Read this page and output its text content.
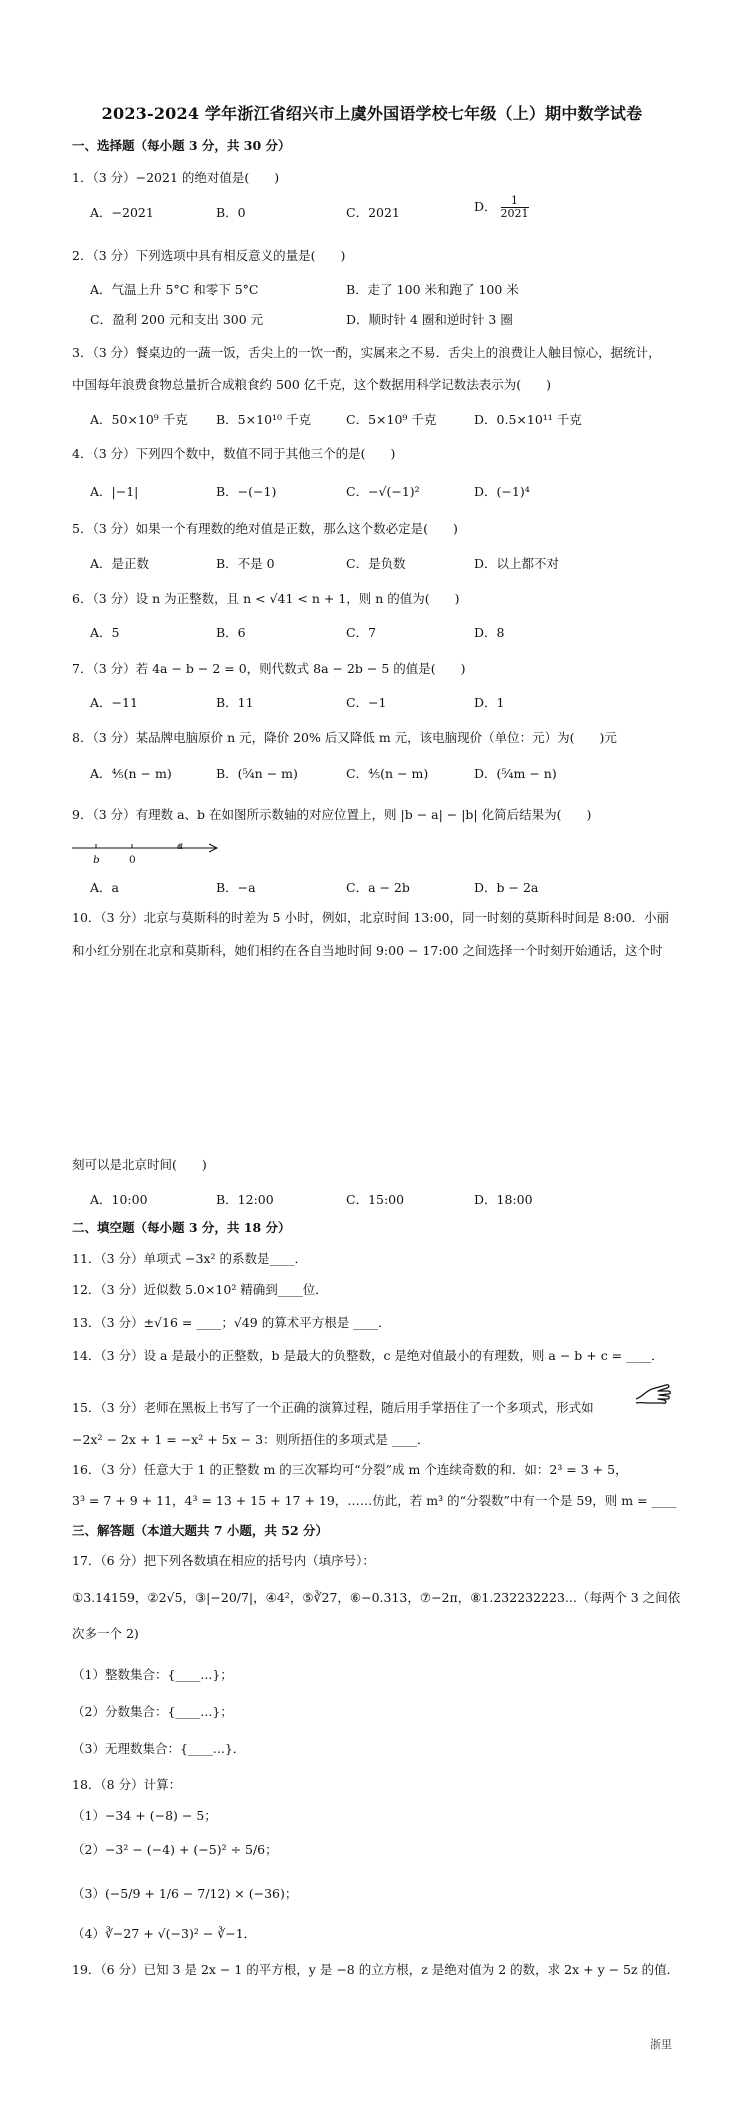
2023-2024 学年浙江省绍兴市上虞外国语学校七年级（上）期中数学试卷
一、选择题（每小题 3 分，共 30 分）
1．（3 分）−2021 的绝对值是(　　)
A．−2021	B．0	C．2021	D． $\frac{1}{2021}$
2．（3 分）下列选项中具有相反意义的量是(　　)
A．气温上升 5°C 和零下 5°C	B．走了 100 米和跑了 100 米
C．盈利 200 元和支出 300 元	D．顺时针 4 圈和逆时针 3 圈
3．（3 分）餐桌边的一蔬一饭，舌尖上的一饮一酌，实属来之不易．舌尖上的浪费让人触目惊心，据统计，
中国每年浪费食物总量折合成粮食约 500 亿千克，这个数据用科学记数法表示为(　　)
A．50×10⁹ 千克 B．5×10¹⁰ 千克	C．5×10⁹ 千克	D．0.5×10¹¹ 千克
4．（3 分）下列四个数中，数值不同于其他三个的是(　　)
A．|−1|	B．−(−1)	C．−√(−1)²	D．(−1)⁴
5．（3 分）如果一个有理数的绝对值是正数，那么这个数必定是(　　)
A．是正数	B．不是 0	C．是负数	D．以上都不对
6．（3 分）设 n 为正整数，且 n < √41 < n + 1，则 n 的值为(　　)
A．5	B．6	C．7	D．8
7．（3 分）若 4a − b − 2 = 0，则代数式 8a − 2b − 5 的值是(　　)
A．−11	B．11	C．−1	D．1
8．（3 分）某品牌电脑原价 n 元，降价 20% 后又降低 m 元，该电脑现价（单位：元）为(　　)元
A．⁴⁄₅(n − m)	B．(⁵⁄₄n − m)	C．⁴⁄₅(n − m)	D．(⁵⁄₄m − n)
9．（3 分）有理数 a、b 在如图所示数轴的对应位置上，则 |b − a| − |b| 化简后结果为(　　)
b	0
a
A．a	B．−a	C．a − 2b	D．b − 2a
10．（3 分）北京与莫斯科的时差为 5 小时，例如，北京时间 13:00，同一时刻的莫斯科时间是 8:00．小丽
和小红分别在北京和莫斯科，她们相约在各自当地时间 9:00 − 17:00 之间选择一个时刻开始通话，这个时
刻可以是北京时间(　　)
A．10:00	B．12:00	C．15:00	D．18:00
二、填空题（每小题 3 分，共 18 分）
11．（3 分）单项式 −3x² 的系数是____．
12．（3 分）近似数 5.0×10² 精确到____位．
13．（3 分）±√16 = ____；√49 的算术平方根是 ____．
14．（3 分）设 a 是最小的正整数，b 是最大的负整数，c 是绝对值最小的有理数，则 a − b + c = ____．
15．（3 分）老师在黑板上书写了一个正确的演算过程，随后用手掌捂住了一个多项式，形式如
−2x² − 2x + 1 = −x² + 5x − 3：则所捂住的多项式是 ____．
16．（3 分）任意大于 1 的正整数 m 的三次幂均可“分裂”成 m 个连续奇数的和．如：2³ = 3 + 5，
3³ = 7 + 9 + 11，4³ = 13 + 15 + 17 + 19，……仿此，若 m³ 的“分裂数”中有一个是 59，则 m = ____
三、解答题（本道大题共 7 小题，共 52 分）
17．（6 分）把下列各数填在相应的括号内（填序号）：
①3.14159，②2√5，③|−20/7|，④4²，⑤∛27，⑥−0.313，⑦−2π，⑧1.232232223...（每两个 3 之间依
次多一个 2)
（1）整数集合：{____...}；
（2）分数集合：{____...}；
（3）无理数集合：{____...}．
18．（8 分）计算：
（1）−34 + (−8) − 5；
（2）−3² − (−4) + (−5)² ÷ 5/6；
（3）(−5/9 + 1/6 − 7/12) × (−36)；
（4）∛−27 + √(−3)² − ∛−1．
19．（6 分）已知 3 是 2x − 1 的平方根，y 是 −8 的立方根，z 是绝对值为 2 的数，求 2x + y − 5z 的值．
浙里
